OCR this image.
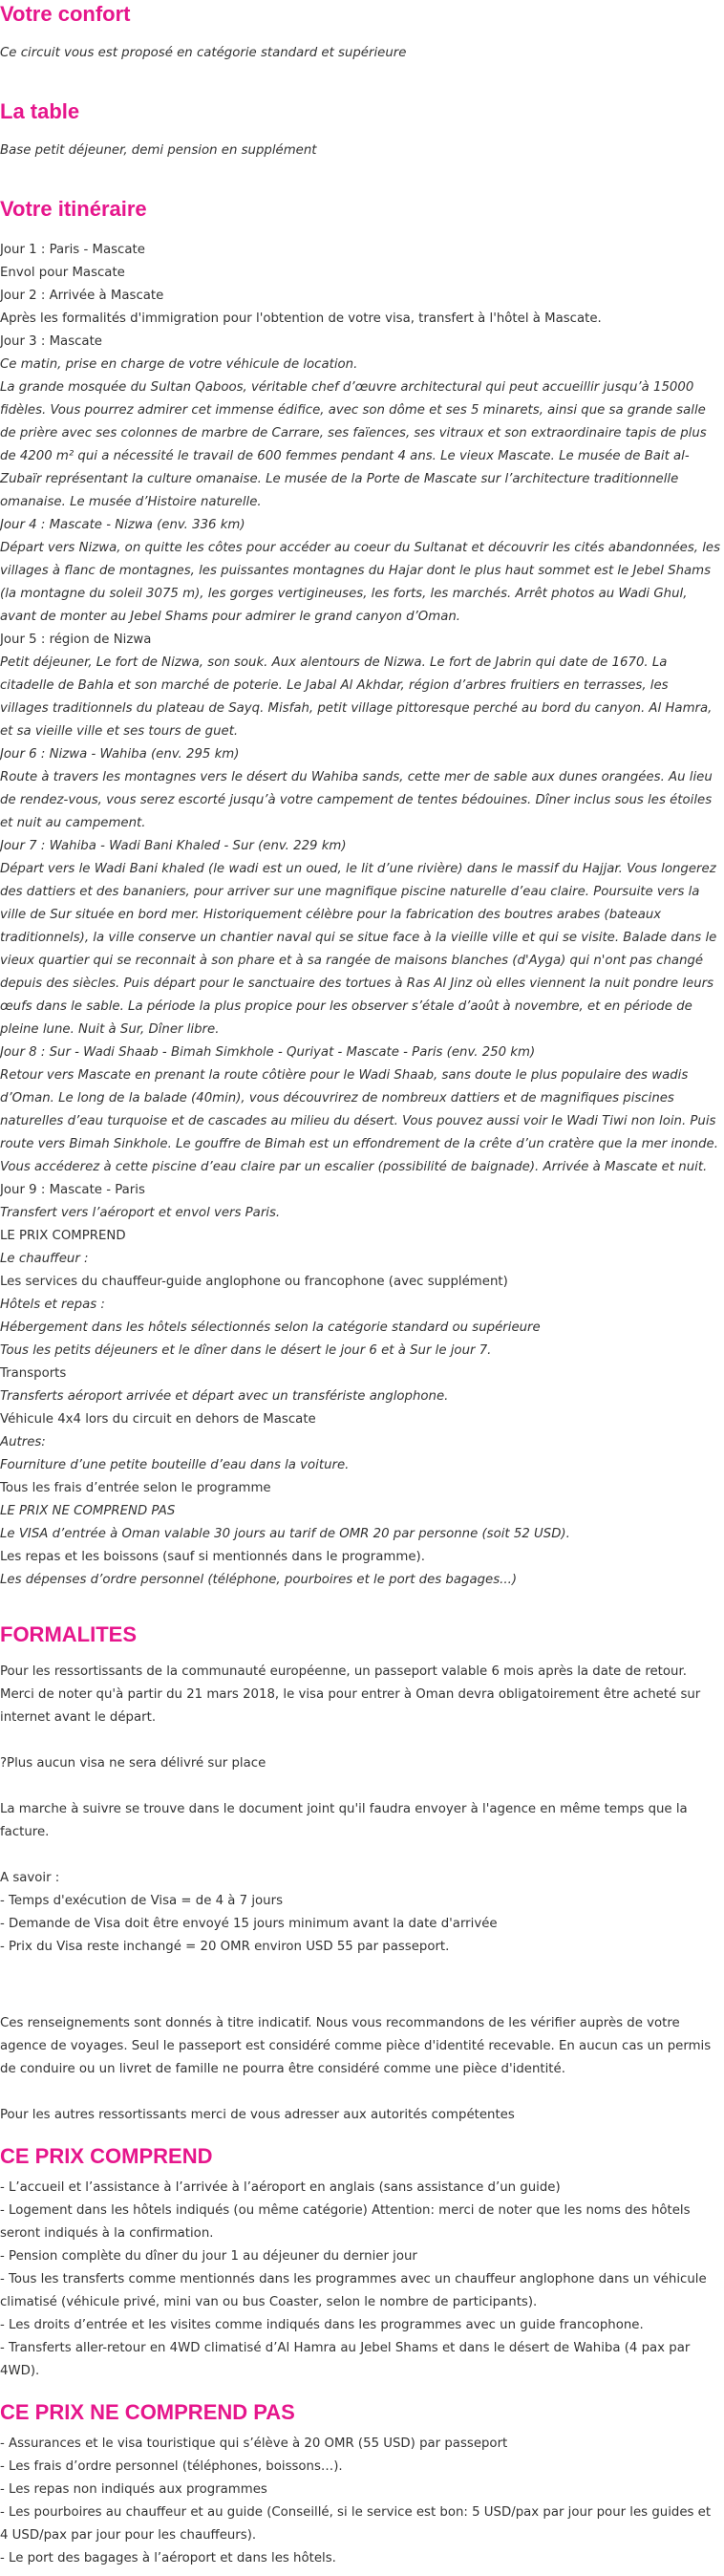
Votre confort

Ce circuit vous est proposé en catégorie standard et supérieure

La table

Base petit déjeuner, demi pension en supplément

Votre itinéraire

Jour 1 : Paris - Mascate

Envol pour Mascate

Jour 2 : Arrivée à Mascate

Après les formalités d'immigration pour l'obtention de votre visa, transfert à l'hôtel à Mascate.

Jour 3 : Mascate

Ce matin, prise en charge de votre véhicule de location.

La grande mosquée du Sultan Qaboos, véritable chef d’œuvre architectural qui peut accueillir jusqu’à 15000 fidèles. Vous pourrez admirer cet immense édifice, avec son dôme et ses 5 minarets, ainsi que sa grande salle de prière avec ses colonnes de marbre de Carrare, ses faïences, ses vitraux et son extraordinaire tapis de plus de 4200 m² qui a nécessité le travail de 600 femmes pendant 4 ans. Le vieux Mascate. Le musée de Bait al-Zubaïr représentant la culture omanaise. Le musée de la Porte de Mascate sur l’architecture traditionnelle omanaise. Le musée d’Histoire naturelle.

Jour 4 : Mascate - Nizwa (env. 336 km)

Départ vers Nizwa, on quitte les côtes pour accéder au coeur du Sultanat et découvrir les cités abandonnées, les villages à flanc de montagnes, les puissantes montagnes du Hajar dont le plus haut sommet est le Jebel Shams (la montagne du soleil 3075 m), les gorges vertigineuses, les forts, les marchés. Arrêt photos au Wadi Ghul, avant de monter au Jebel Shams pour admirer le grand canyon d’Oman.

Jour 5 : région de Nizwa

Petit déjeuner, Le fort de Nizwa, son souk. Aux alentours de Nizwa. Le fort de Jabrin qui date de 1670. La citadelle de Bahla et son marché de poterie. Le Jabal Al Akhdar, région d’arbres fruitiers en terrasses, les villages traditionnels du plateau de Sayq. Misfah, petit village pittoresque perché au bord du canyon. Al Hamra, et sa vieille ville et ses tours de guet.

Jour 6 : Nizwa - Wahiba (env. 295 km)

Route à travers les montagnes vers le désert du Wahiba sands, cette mer de sable aux dunes orangées. Au lieu de rendez-vous, vous serez escorté jusqu’à votre campement de tentes bédouines. Dîner inclus sous les étoiles et nuit au campement.

Jour 7 : Wahiba - Wadi Bani Khaled - Sur (env. 229 km)

Départ vers le Wadi Bani khaled (le wadi est un oued, le lit d’une rivière) dans le massif du Hajjar. Vous longerez des dattiers et des bananiers, pour arriver sur une magnifique piscine naturelle d’eau claire. Poursuite vers la ville de Sur située en bord mer. Historiquement célèbre pour la fabrication des boutres arabes (bateaux traditionnels), la ville conserve un chantier naval qui se situe face à la vieille ville et qui se visite. Balade dans le vieux quartier qui se reconnait à son phare et à sa rangée de maisons blanches (d'Ayga) qui n'ont pas changé depuis des siècles. Puis départ pour le sanctuaire des tortues à Ras Al Jinz où elles viennent la nuit pondre leurs œufs dans le sable. La période la plus propice pour les observer s’étale d’août à novembre, et en période de pleine lune. Nuit à Sur, Dîner libre.

Jour 8 : Sur - Wadi Shaab - Bimah Simkhole - Quriyat - Mascate - Paris (env. 250 km)

Retour vers Mascate en prenant la route côtière pour le Wadi Shaab, sans doute le plus populaire des wadis d’Oman. Le long de la balade (40min), vous découvrirez de nombreux dattiers et de magnifiques piscines naturelles d’eau turquoise et de cascades au milieu du désert. Vous pouvez aussi voir le Wadi Tiwi non loin. Puis route vers Bimah Sinkhole. Le gouffre de Bimah est un effondrement de la crête d’un cratère que la mer inonde. Vous accéderez à cette piscine d’eau claire par un escalier (possibilité de baignade). Arrivée à Mascate et nuit.

Jour 9 : Mascate - Paris

Transfert vers l’aéroport et envol vers Paris.

LE PRIX COMPREND

Le chauffeur :

Les services du chauffeur-guide anglophone ou francophone (avec supplément)

Hôtels et repas :

Hébergement dans les hôtels sélectionnés selon la catégorie standard ou supérieure

Tous les petits déjeuners et le dîner dans le désert le jour 6 et à Sur le jour 7.

Transports

Transferts aéroport arrivée et départ avec un transfériste anglophone.

Véhicule 4x4 lors du circuit en dehors de Mascate

Autres:

Fourniture d’une petite bouteille d’eau dans la voiture.

Tous les frais d’entrée selon le programme

LE PRIX NE COMPREND PAS

Le VISA d’entrée à Oman valable 30 jours au tarif de OMR 20 par personne (soit 52 USD).

Les repas et les boissons (sauf si mentionnés dans le programme).

Les dépenses d’ordre personnel (téléphone, pourboires et le port des bagages...)

FORMALITES

Pour les ressortissants de la communauté européenne, un passeport valable 6 mois après la date de retour.

Merci de noter qu'à partir du 21 mars 2018, le visa pour entrer à Oman devra obligatoirement être acheté sur internet avant le départ.

?Plus aucun visa ne sera délivré sur place

La marche à suivre se trouve dans le document joint qu'il faudra envoyer à l'agence en même temps que la facture.

A savoir :

- Temps d'exécution de Visa = de 4 à 7 jours

- Demande de Visa doit être envoyé 15 jours minimum avant la date d'arrivée

- Prix du Visa reste inchangé = 20 OMR environ USD 55 par passeport.

Ces renseignements sont donnés à titre indicatif. Nous vous recommandons de les vérifier auprès de votre agence de voyages. Seul le passeport est considéré comme pièce d'identité recevable. En aucun cas un permis de conduire ou un livret de famille ne pourra être considéré comme une pièce d'identité.

Pour les autres ressortissants merci de vous adresser aux autorités compétentes

CE PRIX COMPREND

- L’accueil et l’assistance à l’arrivée à l’aéroport en anglais (sans assistance d’un guide)

- Logement dans les hôtels indiqués (ou même catégorie) Attention: merci de noter que les noms des hôtels seront indiqués à la confirmation.

- Pension complète du dîner du jour 1 au déjeuner du dernier jour

- Tous les transferts comme mentionnés dans les programmes avec un chauffeur anglophone dans un véhicule climatisé (véhicule privé, mini van ou bus Coaster, selon le nombre de participants).

- Les droits d’entrée et les visites comme indiqués dans les programmes avec un guide francophone.

- Transferts aller-retour en 4WD climatisé d’Al Hamra au Jebel Shams et dans le désert de Wahiba (4 pax par 4WD).

CE PRIX NE COMPREND PAS

- Assurances et le visa touristique qui s’élève à 20 OMR (55 USD) par passeport

- Les frais d’ordre personnel (téléphones, boissons…).

- Les repas non indiqués aux programmes

- Les pourboires au chauffeur et au guide (Conseillé, si le service est bon: 5 USD/pax par jour pour les guides et 4 USD/pax par jour pour les chauffeurs).

- Le port des bagages à l’aéroport et dans les hôtels.
